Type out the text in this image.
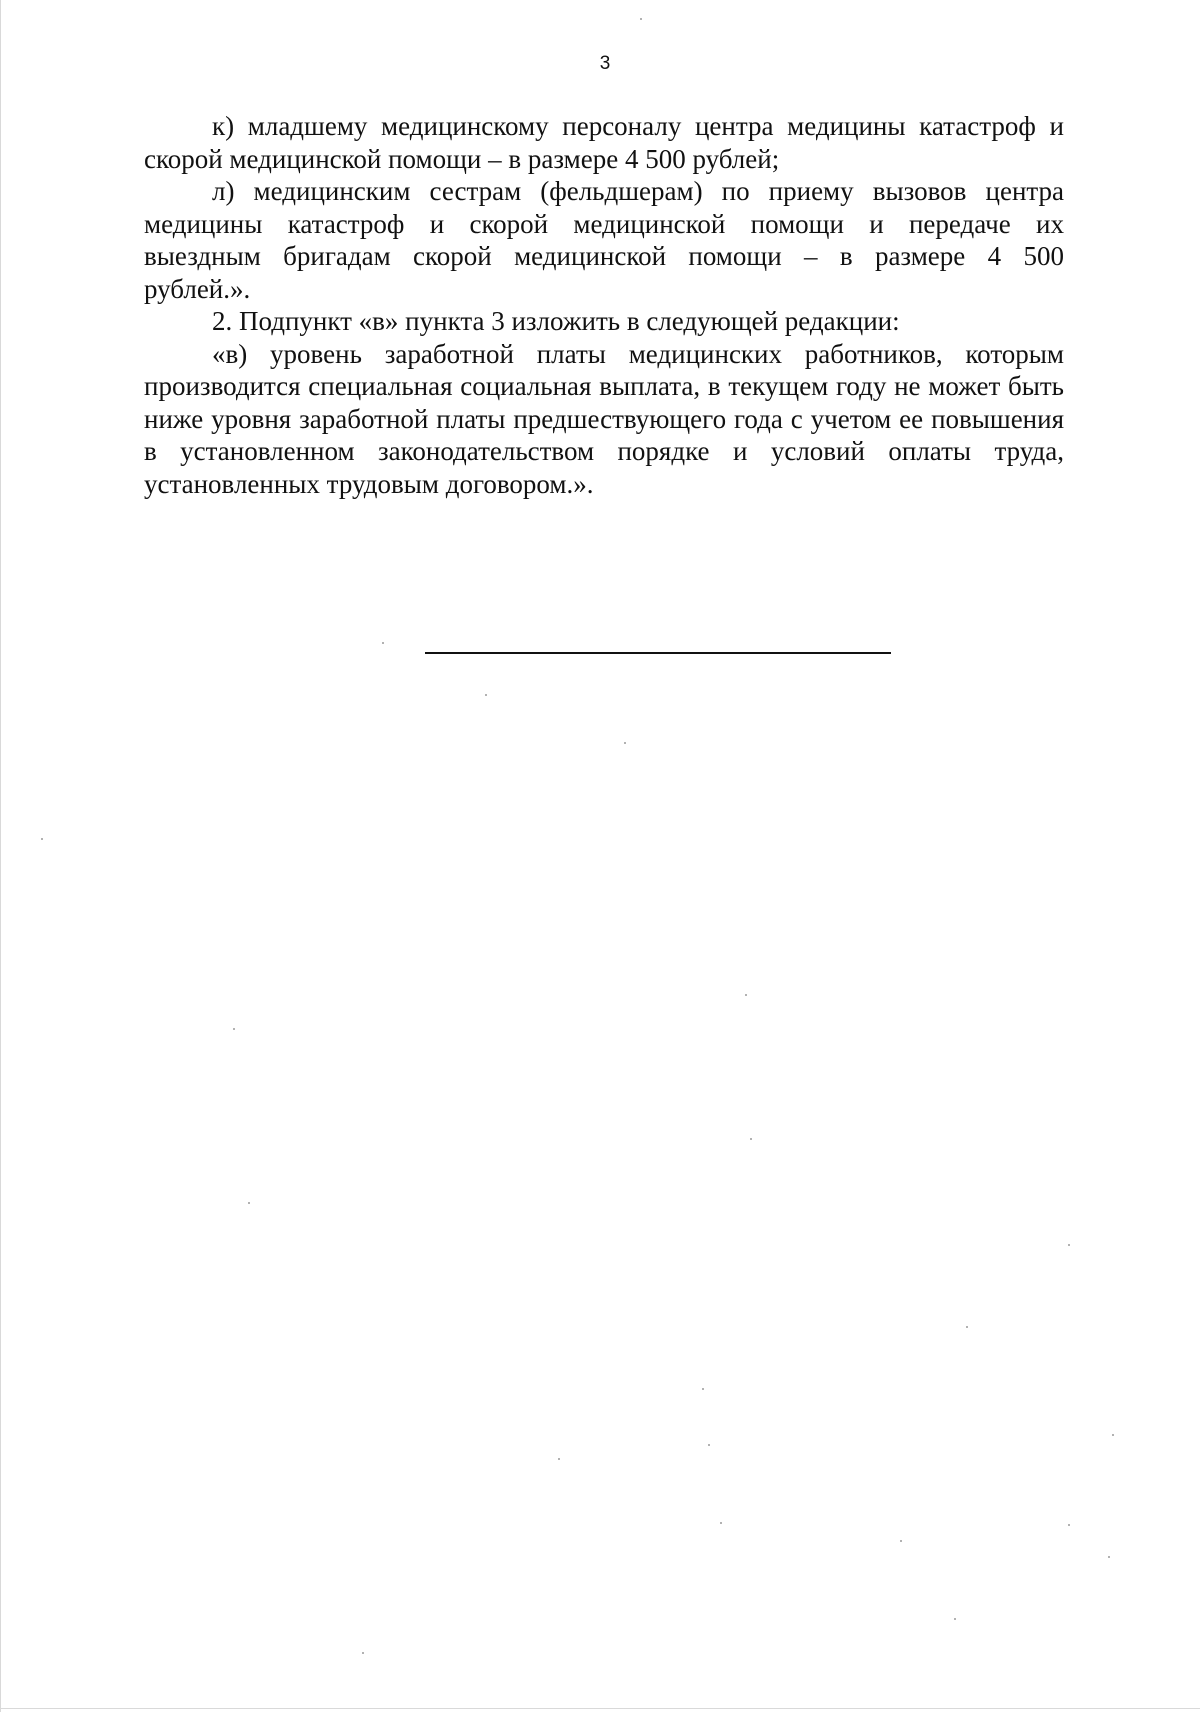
3

к) младшему медицинскому персоналу центра медицины катастроф и скорой медицинской помощи – в размере 4 500 рублей;

л) медицинским сестрам (фельдшерам) по приему вызовов центра медицины катастроф и скорой медицинской помощи и передаче их выездным бригадам скорой медицинской помощи – в размере 4 500 рублей.».

2. Подпункт «в» пункта 3 изложить в следующей редакции:

«в) уровень заработной платы медицинских работников, которым производится специальная социальная выплата, в текущем году не может быть ниже уровня заработной платы предшествующего года с учетом ее повышения в установленном законодательством порядке и условий оплаты труда, установленных трудовым договором.».
